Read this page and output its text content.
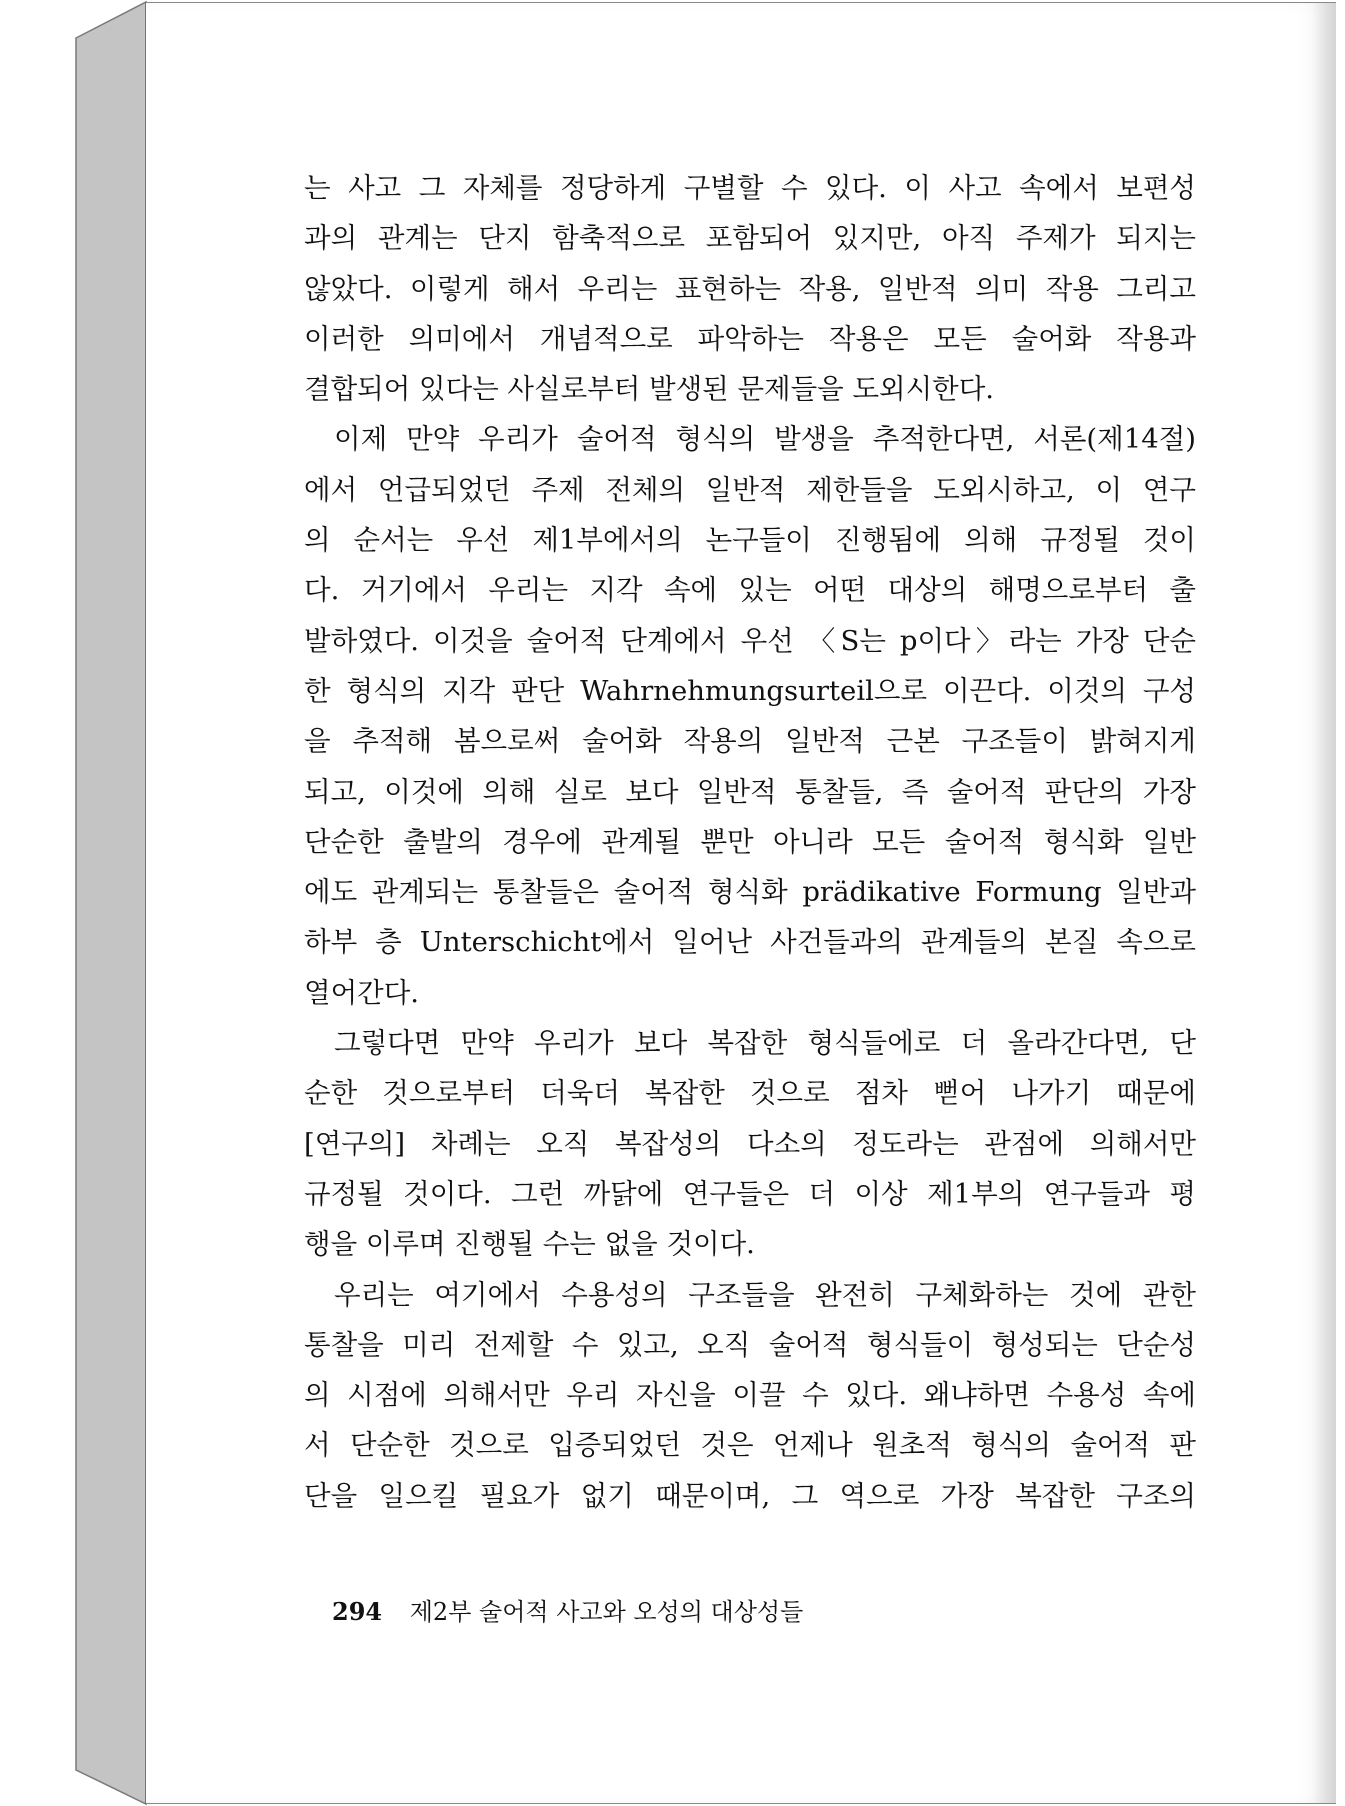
는 사고 그 자체를 정당하게 구별할 수 있다. 이 사고 속에서 보편성
과의 관계는 단지 함축적으로 포함되어 있지만, 아직 주제가 되지는
않았다. 이렇게 해서 우리는 표현하는 작용, 일반적 의미 작용 그리고
이러한 의미에서 개념적으로 파악하는 작용은 모든 술어화 작용과
결합되어 있다는 사실로부터 발생된 문제들을 도외시한다.
이제 만약 우리가 술어적 형식의 발생을 추적한다면, 서론(제14절)
에서 언급되었던 주제 전체의 일반적 제한들을 도외시하고, 이 연구
의 순서는 우선 제1부에서의 논구들이 진행됨에 의해 규정될 것이
다. 거기에서 우리는 지각 속에 있는 어떤 대상의 해명으로부터 출
발하였다. 이것을 술어적 단계에서 우선 〈S는 p이다〉라는 가장 단순
한 형식의 지각 판단 Wahrnehmungsurteil으로 이끈다. 이것의 구성
을 추적해 봄으로써 술어화 작용의 일반적 근본 구조들이 밝혀지게
되고, 이것에 의해 실로 보다 일반적 통찰들, 즉 술어적 판단의 가장
단순한 출발의 경우에 관계될 뿐만 아니라 모든 술어적 형식화 일반
에도 관계되는 통찰들은 술어적 형식화 prädikative Formung 일반과
하부 층 Unterschicht에서 일어난 사건들과의 관계들의 본질 속으로
열어간다.
그렇다면 만약 우리가 보다 복잡한 형식들에로 더 올라간다면, 단
순한 것으로부터 더욱더 복잡한 것으로 점차 뻗어 나가기 때문에
[연구의] 차례는 오직 복잡성의 다소의 정도라는 관점에 의해서만
규정될 것이다. 그런 까닭에 연구들은 더 이상 제1부의 연구들과 평
행을 이루며 진행될 수는 없을 것이다.
우리는 여기에서 수용성의 구조들을 완전히 구체화하는 것에 관한
통찰을 미리 전제할 수 있고, 오직 술어적 형식들이 형성되는 단순성
의 시점에 의해서만 우리 자신을 이끌 수 있다. 왜냐하면 수용성 속에
서 단순한 것으로 입증되었던 것은 언제나 원초적 형식의 술어적 판
단을 일으킬 필요가 없기 때문이며, 그 역으로 가장 복잡한 구조의
294 제2부 술어적 사고와 오성의 대상성들
